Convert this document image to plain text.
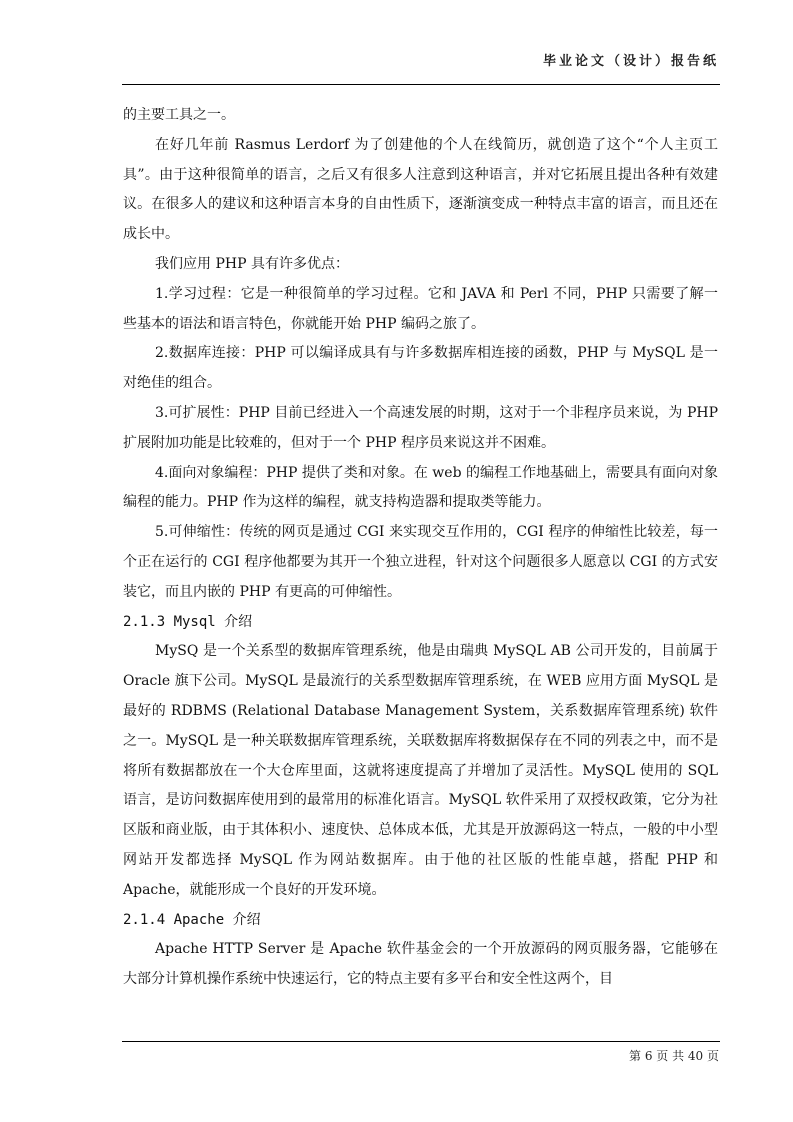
毕业论文（设计）报告纸

的主要工具之一。

在好几年前 Rasmus Lerdorf 为了创建他的个人在线简历，就创造了这个“个人主页工具”。由于这种很简单的语言，之后又有很多人注意到这种语言，并对它拓展且提出各种有效建议。在很多人的建议和这种语言本身的自由性质下，逐渐演变成一种特点丰富的语言，而且还在成长中。

我们应用 PHP 具有许多优点：

1.学习过程：它是一种很简单的学习过程。它和 JAVA 和 Perl 不同，PHP 只需要了解一些基本的语法和语言特色，你就能开始 PHP 编码之旅了。

2.数据库连接：PHP 可以编译成具有与许多数据库相连接的函数，PHP 与 MySQL 是一对绝佳的组合。

3.可扩展性：PHP 目前已经进入一个高速发展的时期，这对于一个非程序员来说，为 PHP 扩展附加功能是比较难的，但对于一个 PHP 程序员来说这并不困难。

4.面向对象编程：PHP 提供了类和对象。在 web 的编程工作地基础上，需要具有面向对象编程的能力。PHP 作为这样的编程，就支持构造器和提取类等能力。

5.可伸缩性：传统的网页是通过 CGI 来实现交互作用的，CGI 程序的伸缩性比较差，每一个正在运行的 CGI 程序他都要为其开一个独立进程，针对这个问题很多人愿意以 CGI 的方式安装它，而且内嵌的 PHP 有更高的可伸缩性。

2.1.3 Mysql 介绍

MySQ 是一个关系型的数据库管理系统，他是由瑞典 MySQL AB 公司开发的，目前属于 Oracle 旗下公司。MySQL 是最流行的关系型数据库管理系统，在 WEB 应用方面 MySQL 是最好的 RDBMS (Relational Database Management System，关系数据库管理系统) 软件之一。MySQL 是一种关联数据库管理系统，关联数据库将数据保存在不同的列表之中，而不是将所有数据都放在一个大仓库里面，这就将速度提高了并增加了灵活性。MySQL 使用的 SQL 语言，是访问数据库使用到的最常用的标准化语言。MySQL 软件采用了双授权政策，它分为社区版和商业版，由于其体积小、速度快、总体成本低，尤其是开放源码这一特点，一般的中小型网站开发都选择 MySQL 作为网站数据库。由于他的社区版的性能卓越，搭配 PHP 和 Apache，就能形成一个良好的开发环境。

2.1.4 Apache 介绍

Apache HTTP Server 是 Apache 软件基金会的一个开放源码的网页服务器，它能够在大部分计算机操作系统中快速运行，它的特点主要有多平台和安全性这两个，目

第 6 页 共 40 页
